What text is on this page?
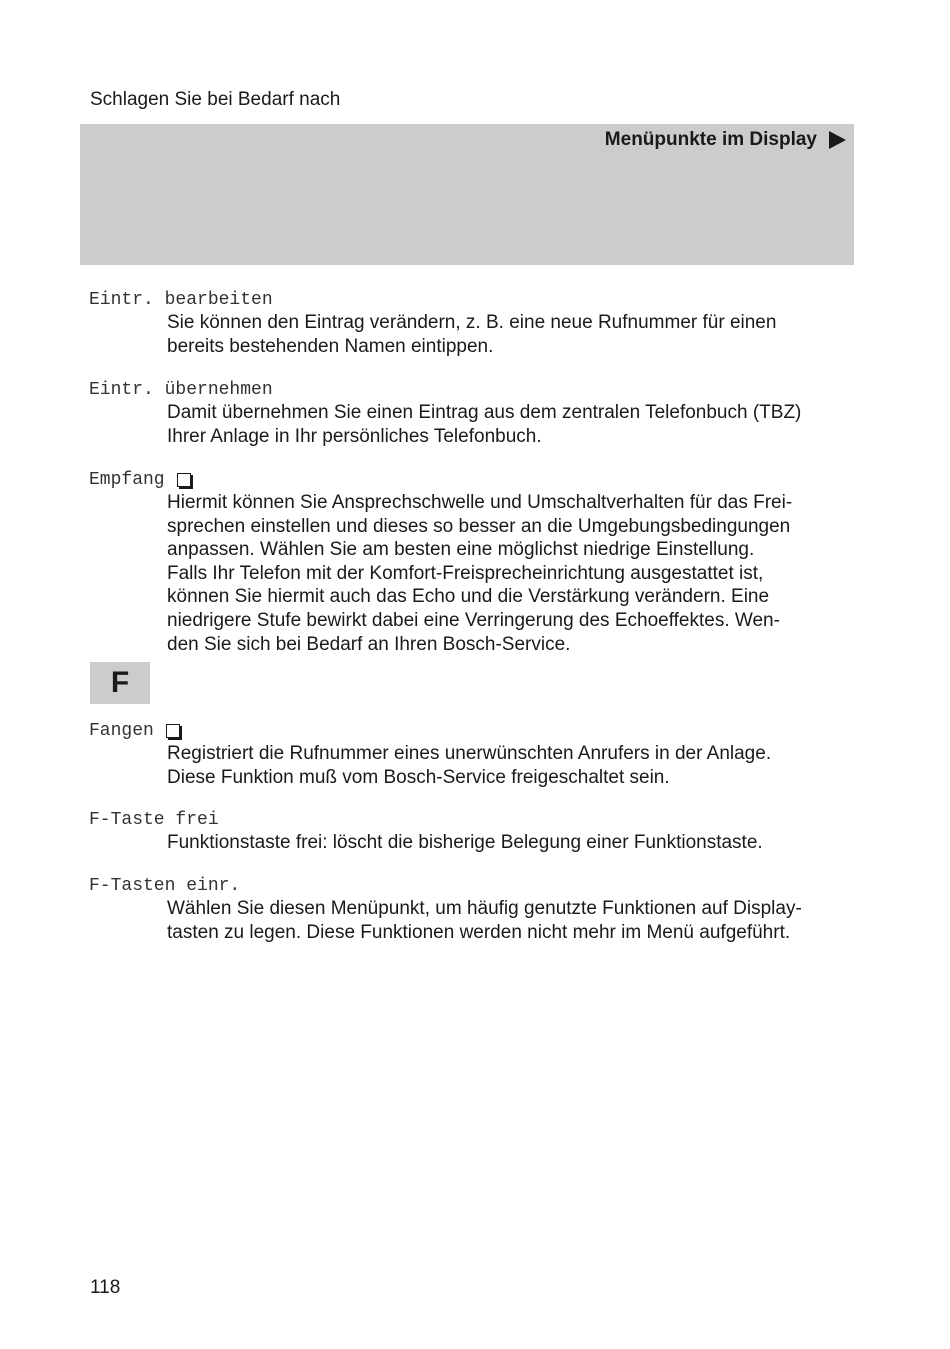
Schlagen Sie bei Bedarf nach
Menüpunkte im Display
Eintr. bearbeiten

Sie können den Eintrag verändern, z. B. eine neue Rufnummer für einen
bereits bestehenden Namen eintippen.

Eintr. übernehmen

Damit übernehmen Sie einen Eintrag aus dem zentralen Telefonbuch (TBZ)
Ihrer Anlage in Ihr persönliches Telefonbuch.

Empfang

Hiermit können Sie Ansprechschwelle und Umschaltverhalten für das Frei-
sprechen einstellen und dieses so besser an die Umgebungsbedingungen
anpassen. Wählen Sie am besten eine möglichst niedrige Einstellung.
Falls Ihr Telefon mit der Komfort-Freisprecheinrichtung ausgestattet ist,
können Sie hiermit auch das Echo und die Verstärkung verändern. Eine
niedrigere Stufe bewirkt dabei eine Verringerung des Echoeffektes. Wen-
den Sie sich bei Bedarf an Ihren Bosch-Service.

F
Fangen

Registriert die Rufnummer eines unerwünschten Anrufers in der Anlage.
Diese Funktion muß vom Bosch-Service freigeschaltet sein.

F-Taste frei

Funktionstaste frei: löscht die bisherige Belegung einer Funktionstaste.

F-Tasten einr.

Wählen Sie diesen Menüpunkt, um häufig genutzte Funktionen auf Display-
tasten zu legen. Diese Funktionen werden nicht mehr im Menü aufgeführt.

118
